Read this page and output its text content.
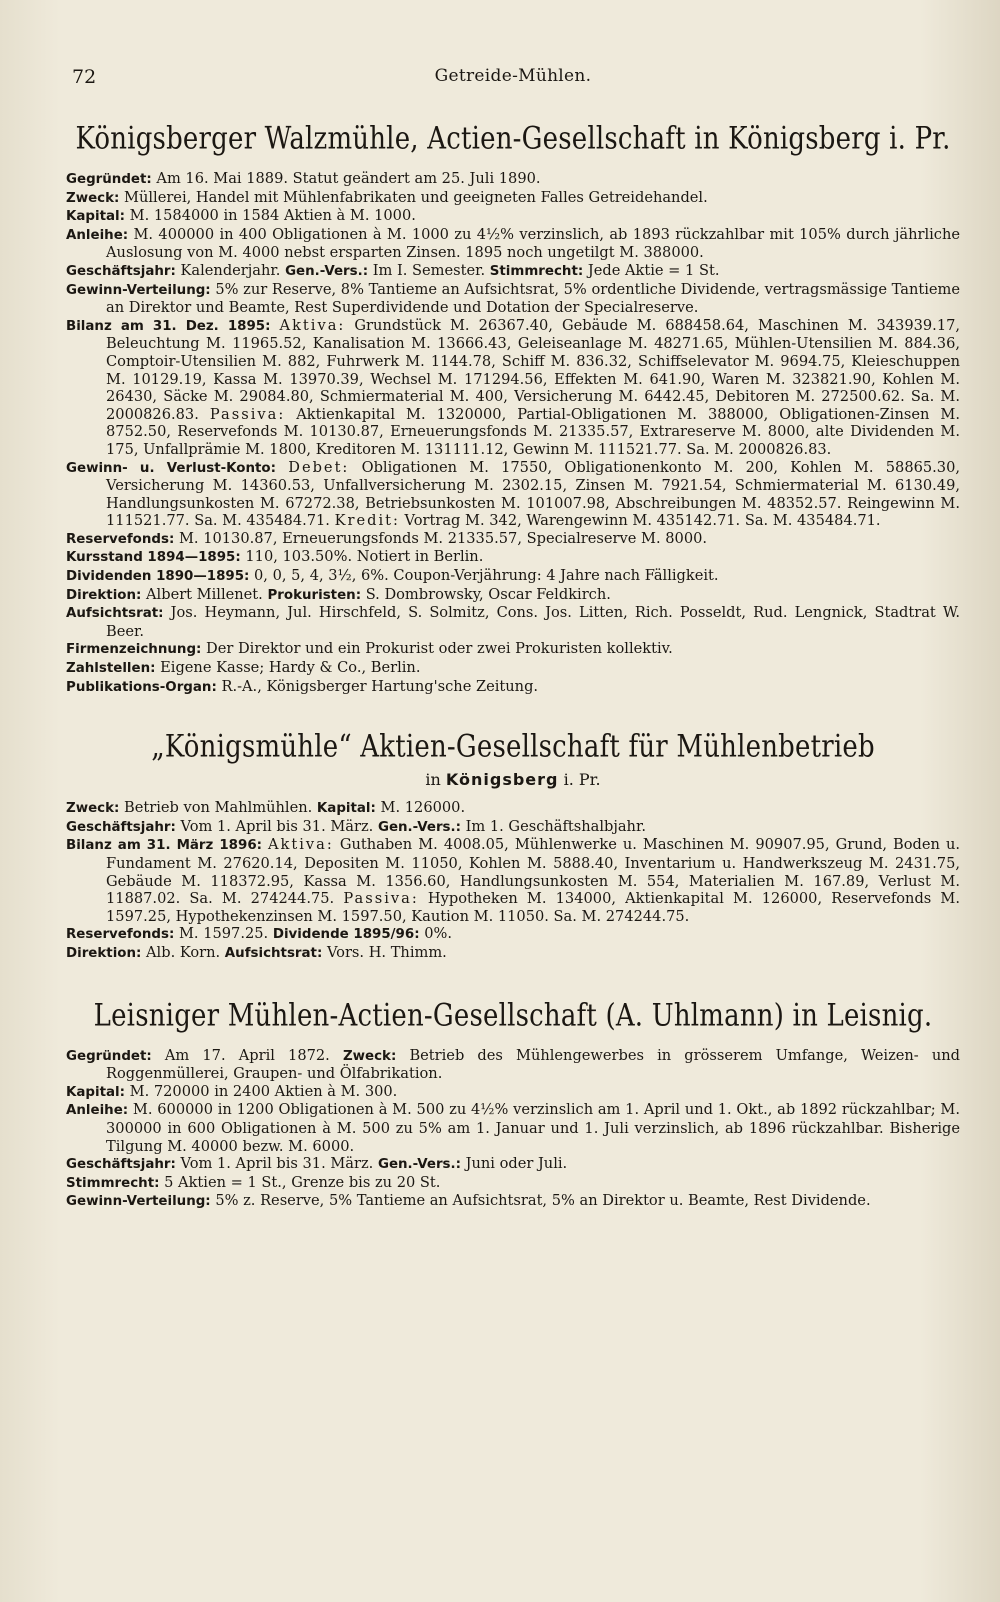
72	Getreide-Mühlen.
Königsberger Walzmühle, Actien-Gesellschaft in Königsberg i. Pr.

Gegründet: Am 16. Mai 1889. Statut geändert am 25. Juli 1890.

Zweck: Müllerei, Handel mit Mühlenfabrikaten und geeigneten Falles Getreidehandel.

Kapital: M. 1584000 in 1584 Aktien à M. 1000.

Anleihe: M. 400000 in 400 Obligationen à M. 1000 zu 4½% verzinslich, ab 1893 rückzahlbar mit 105% durch jährliche Auslosung von M. 4000 nebst ersparten Zinsen. 1895 noch ungetilgt M. 388000.

Geschäftsjahr: Kalenderjahr. Gen.-Vers.: Im I. Semester. Stimmrecht: Jede Aktie = 1 St.

Gewinn-Verteilung: 5% zur Reserve, 8% Tantieme an Aufsichtsrat, 5% ordentliche Dividende, vertragsmässige Tantieme an Direktor und Beamte, Rest Superdividende und Dotation der Specialreserve.

Bilanz am 31. Dez. 1895: Aktiva: Grundstück M. 26367.40, Gebäude M. 688458.64, Maschinen M. 343939.17, Beleuchtung M. 11965.52, Kanalisation M. 13666.43, Geleiseanlage M. 48271.65, Mühlen-Utensilien M. 884.36, Comptoir-Utensilien M. 882, Fuhrwerk M. 1144.78, Schiff M. 836.32, Schiffselevator M. 9694.75, Kleieschuppen M. 10129.19, Kassa M. 13970.39, Wechsel M. 171294.56, Effekten M. 641.90, Waren M. 323821.90, Kohlen M. 26430, Säcke M. 29084.80, Schmiermaterial M. 400, Versicherung M. 6442.45, Debitoren M. 272500.62. Sa. M. 2000826.83. Passiva: Aktienkapital M. 1320000, Partial-Obligationen M. 388000, Obligationen-Zinsen M. 8752.50, Reservefonds M. 10130.87, Erneuerungsfonds M. 21335.57, Extrareserve M. 8000, alte Dividenden M. 175, Unfallprämie M. 1800, Kreditoren M. 131111.12, Gewinn M. 111521.77. Sa. M. 2000826.83.

Gewinn- u. Verlust-Konto: Debet: Obligationen M. 17550, Obligationenkonto M. 200, Kohlen M. 58865.30, Versicherung M. 14360.53, Unfallversicherung M. 2302.15, Zinsen M. 7921.54, Schmiermaterial M. 6130.49, Handlungsunkosten M. 67272.38, Betriebsunkosten M. 101007.98, Abschreibungen M. 48352.57. Reingewinn M. 111521.77. Sa. M. 435484.71. Kredit: Vortrag M. 342, Warengewinn M. 435142.71. Sa. M. 435484.71.

Reservefonds: M. 10130.87, Erneuerungsfonds M. 21335.57, Specialreserve M. 8000.

Kursstand 1894—1895: 110, 103.50%. Notiert in Berlin.

Dividenden 1890—1895: 0, 0, 5, 4, 3½, 6%. Coupon-Verjährung: 4 Jahre nach Fälligkeit.

Direktion: Albert Millenet. Prokuristen: S. Dombrowsky, Oscar Feldkirch.

Aufsichtsrat: Jos. Heymann, Jul. Hirschfeld, S. Solmitz, Cons. Jos. Litten, Rich. Posseldt, Rud. Lengnick, Stadtrat W. Beer.

Firmenzeichnung: Der Direktor und ein Prokurist oder zwei Prokuristen kollektiv.

Zahlstellen: Eigene Kasse; Hardy & Co., Berlin.

Publikations-Organ: R.-A., Königsberger Hartung'sche Zeitung.

„Königsmühle“ Aktien-Gesellschaft für Mühlenbetrieb
in Königsberg i. Pr.

Zweck: Betrieb von Mahlmühlen. Kapital: M. 126000.

Geschäftsjahr: Vom 1. April bis 31. März. Gen.-Vers.: Im 1. Geschäftshalbjahr.

Bilanz am 31. März 1896: Aktiva: Guthaben M. 4008.05, Mühlenwerke u. Maschinen M. 90907.95, Grund, Boden u. Fundament M. 27620.14, Depositen M. 11050, Kohlen M. 5888.40, Inventarium u. Handwerkszeug M. 2431.75, Gebäude M. 118372.95, Kassa M. 1356.60, Handlungsunkosten M. 554, Materialien M. 167.89, Verlust M. 11887.02. Sa. M. 274244.75. Passiva: Hypotheken M. 134000, Aktienkapital M. 126000, Reservefonds M. 1597.25, Hypothekenzinsen M. 1597.50, Kaution M. 11050. Sa. M. 274244.75.

Reservefonds: M. 1597.25. Dividende 1895/96: 0%.

Direktion: Alb. Korn. Aufsichtsrat: Vors. H. Thimm.

Leisniger Mühlen-Actien-Gesellschaft (A. Uhlmann) in Leisnig.

Gegründet: Am 17. April 1872. Zweck: Betrieb des Mühlengewerbes in grösserem Umfange, Weizen- und Roggenmüllerei, Graupen- und Ölfabrikation.

Kapital: M. 720000 in 2400 Aktien à M. 300.

Anleihe: M. 600000 in 1200 Obligationen à M. 500 zu 4½% verzinslich am 1. April und 1. Okt., ab 1892 rückzahlbar; M. 300000 in 600 Obligationen à M. 500 zu 5% am 1. Januar und 1. Juli verzinslich, ab 1896 rückzahlbar. Bisherige Tilgung M. 40000 bezw. M. 6000.

Geschäftsjahr: Vom 1. April bis 31. März. Gen.-Vers.: Juni oder Juli.

Stimmrecht: 5 Aktien = 1 St., Grenze bis zu 20 St.

Gewinn-Verteilung: 5% z. Reserve, 5% Tantieme an Aufsichtsrat, 5% an Direktor u. Beamte, Rest Dividende.
